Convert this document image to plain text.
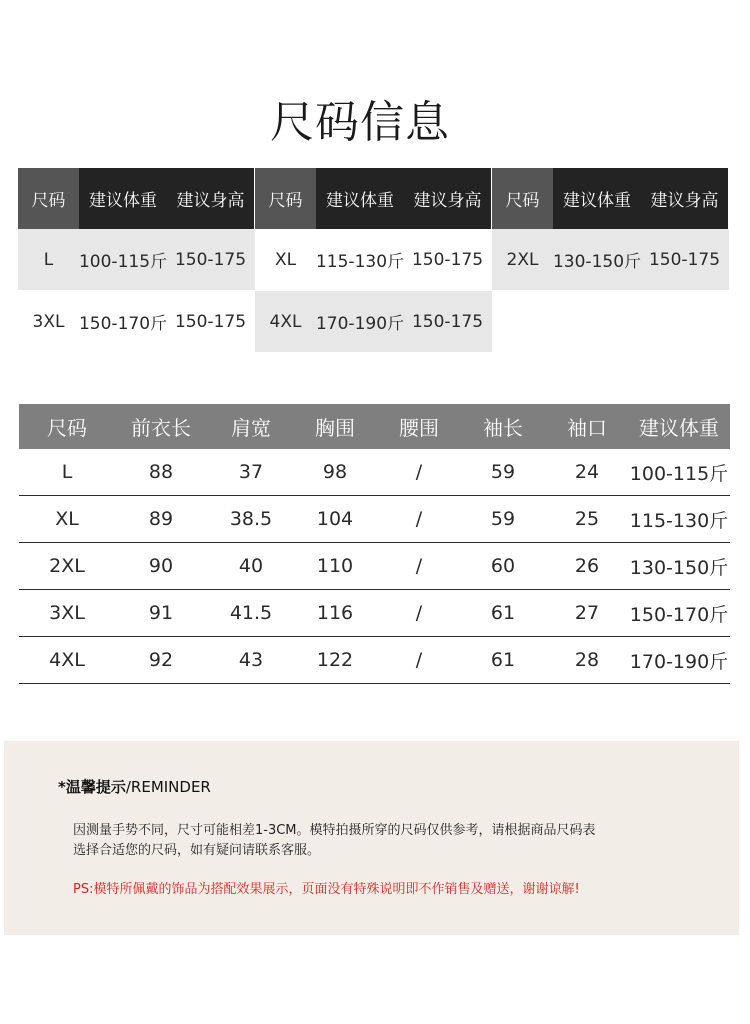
尺码信息
尺码	建议体重	建议身高	尺码	建议体重	建议身高	尺码	建议体重	建议身高
L	100-115斤 150-175	XL	115-130斤 150-175	2XL 130-150斤 150-175
3XL 150-170斤 150-175	4XL 170-190斤 150-175
尺码	前衣长	肩宽	胸围	腰围	袖长	袖口	建议体重
L	88	37	98	/	59	24	100-115斤
XL	89	38.5	104	/	59	25	115-130斤
2XL	90	40	110	/	60	26	130-150斤
3XL	91	41.5	116	/	61	27	150-170斤
4XL	92	43	122	/	61	28	170-190斤
*温馨提示/REMINDER
因测量手势不同，尺寸可能相差1-3CM。模特拍摄所穿的尺码仅供参考，请根据商品尺码表
选择合适您的尺码，如有疑问请联系客服。
PS:模特所佩戴的饰品为搭配效果展示，页面没有特殊说明即不作销售及赠送，谢谢谅解!
